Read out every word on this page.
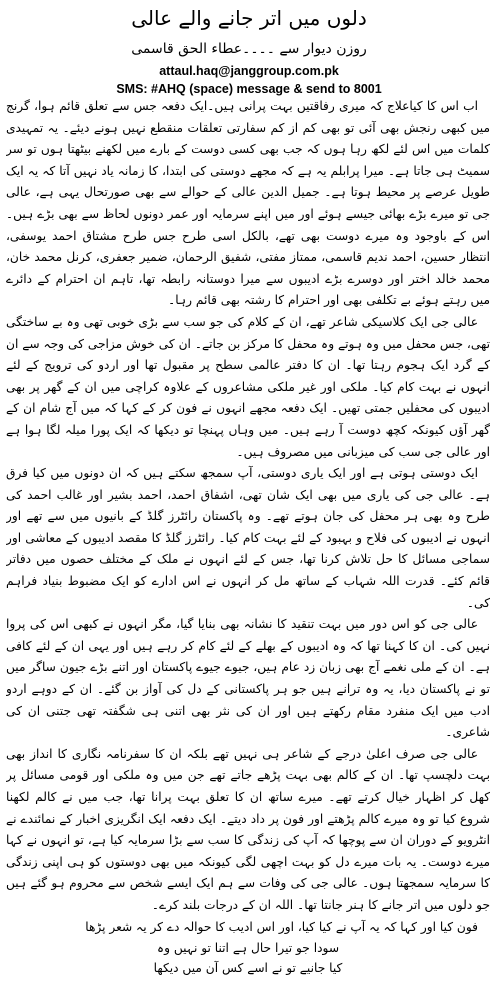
دلوں میں اتر جانے والے عالی
روزن دیوار سے ۔۔۔۔عطاء الحق قاسمی
attaul.haq@janggroup.com.pk
SMS: #AHQ (space) message & send to 8001

اب اس کا کیاعلاج کہ میری رفاقتیں بہت پرانی ہیں۔ایک دفعہ جس سے تعلق قائم ہوا، گرنج میں کبھی رنجش بھی آئی تو بھی کم از کم سفارتی تعلقات منقطع نہیں ہونے دیئے۔ یہ تمہیدی کلمات میں اس لئے لکھ رہا ہوں کہ جب بھی کسی دوست کے بارے میں لکھنے بیٹھتا ہوں تو سر سمیٹ ہی جاتا ہے۔ میرا پرابلم یہ ہے کہ مجھے دوستی کی ابتدا، کا زمانہ یاد نہیں آتا کہ یہ ایک طویل عرصے پر محیط ہوتا ہے۔ جمیل الدین عالی کے حوالے سے بھی صورتحال یہی ہے، عالی جی تو میرے بڑے بھائی جیسے ہوئے اور میں اپنے سرمایہ اور عمر دونوں لحاظ سے بھی بڑے ہیں۔ اس کے باوجود وہ میرے دوست بھی تھے، بالکل اسی طرح جس طرح مشتاق احمد یوسفی، انتظار حسین، احمد ندیم قاسمی، ممتاز مفتی، شفیق الرحمان، ضمیر جعفری، کرنل محمد خان، محمد خالد اختر اور دوسرے بڑے ادیبوں سے میرا دوستانہ رابطہ تھا، تاہم ان احترام کے دائرے میں رہتے ہوئے بے تکلفی بھی اور احترام کا رشتہ بھی قائم رہا۔

عالی جی ایک کلاسیکی شاعر تھے، ان کے کلام کی جو سب سے بڑی خوبی تھی وہ بے ساختگی تھی، جس محفل میں وہ ہوتے وہ محفل کا مرکز بن جاتے۔ ان کی خوش مزاجی کی وجہ سے ان کے گرد ایک ہجوم رہتا تھا۔ ان کا دفتر عالمی سطح پر مقبول تھا اور اردو کی ترویج کے لئے انہوں نے بہت کام کیا۔ ملکی اور غیر ملکی مشاعروں کے علاوہ کراچی میں ان کے گھر پر بھی ادیبوں کی محفلیں جمتی تھیں۔ ایک دفعہ مجھے انہوں نے فون کر کے کہا کہ میں آج شام ان کے گھر آؤں کیونکہ کچھ دوست آ رہے ہیں۔ میں وہاں پہنچا تو دیکھا کہ ایک پورا میلہ لگا ہوا ہے اور عالی جی سب کی میزبانی میں مصروف ہیں۔

ایک دوستی ہوتی ہے اور ایک یاری دوستی، آپ سمجھ سکتے ہیں کہ ان دونوں میں کیا فرق ہے۔ عالی جی کی یاری میں بھی ایک شان تھی، اشفاق احمد، احمد بشیر اور غالب احمد کی طرح وہ بھی ہر محفل کی جان ہوتے تھے۔ وہ پاکستان رائٹرز گلڈ کے بانیوں میں سے تھے اور انہوں نے ادیبوں کی فلاح و بہبود کے لئے بہت کام کیا۔ رائٹرز گلڈ کا مقصد ادیبوں کے معاشی اور سماجی مسائل کا حل تلاش کرنا تھا، جس کے لئے انہوں نے ملک کے مختلف حصوں میں دفاتر قائم کئے۔ قدرت اللہ شہاب کے ساتھ مل کر انہوں نے اس ادارے کو ایک مضبوط بنیاد فراہم کی۔

عالی جی کو اس دور میں بہت تنقید کا نشانہ بھی بنایا گیا، مگر انہوں نے کبھی اس کی پروا نہیں کی۔ ان کا کہنا تھا کہ وہ ادیبوں کے بھلے کے لئے کام کر رہے ہیں اور یہی ان کے لئے کافی ہے۔ ان کے ملی نغمے آج بھی زبان زد عام ہیں، جیوے جیوے پاکستان اور اتنے بڑے جیون ساگر میں تو نے پاکستان دیا، یہ وہ ترانے ہیں جو ہر پاکستانی کے دل کی آواز بن گئے۔ ان کے دوہے اردو ادب میں ایک منفرد مقام رکھتے ہیں اور ان کی نثر بھی اتنی ہی شگفتہ تھی جتنی ان کی شاعری۔

عالی جی صرف اعلیٰ درجے کے شاعر ہی نہیں تھے بلکہ ان کا سفرنامہ نگاری کا انداز بھی بہت دلچسپ تھا۔ ان کے کالم بھی بہت پڑھے جاتے تھے جن میں وہ ملکی اور قومی مسائل پر کھل کر اظہار خیال کرتے تھے۔ میرے ساتھ ان کا تعلق بہت پرانا تھا، جب میں نے کالم لکھنا شروع کیا تو وہ میرے کالم پڑھتے اور فون پر داد دیتے۔ ایک دفعہ ایک انگریزی اخبار کے نمائندے نے انٹرویو کے دوران ان سے پوچھا کہ آپ کی زندگی کا سب سے بڑا سرمایہ کیا ہے، تو انہوں نے کہا میرے دوست۔ یہ بات میرے دل کو بہت اچھی لگی کیونکہ میں بھی دوستوں کو ہی اپنی زندگی کا سرمایہ سمجھتا ہوں۔ عالی جی کی وفات سے ہم ایک ایسے شخص سے محروم ہو گئے ہیں جو دلوں میں اتر جانے کا ہنر جانتا تھا۔ اللہ ان کے درجات بلند کرے۔

فون کیا اور کہا کہ یہ آپ نے کیا کیا، اور اس ادیب کا حوالہ دے کر یہ شعر پڑھا

سودا جو تیرا حال ہے اتنا تو نہیں وہ

کیا جانیے تو نے اسے کس آن میں دیکھا
